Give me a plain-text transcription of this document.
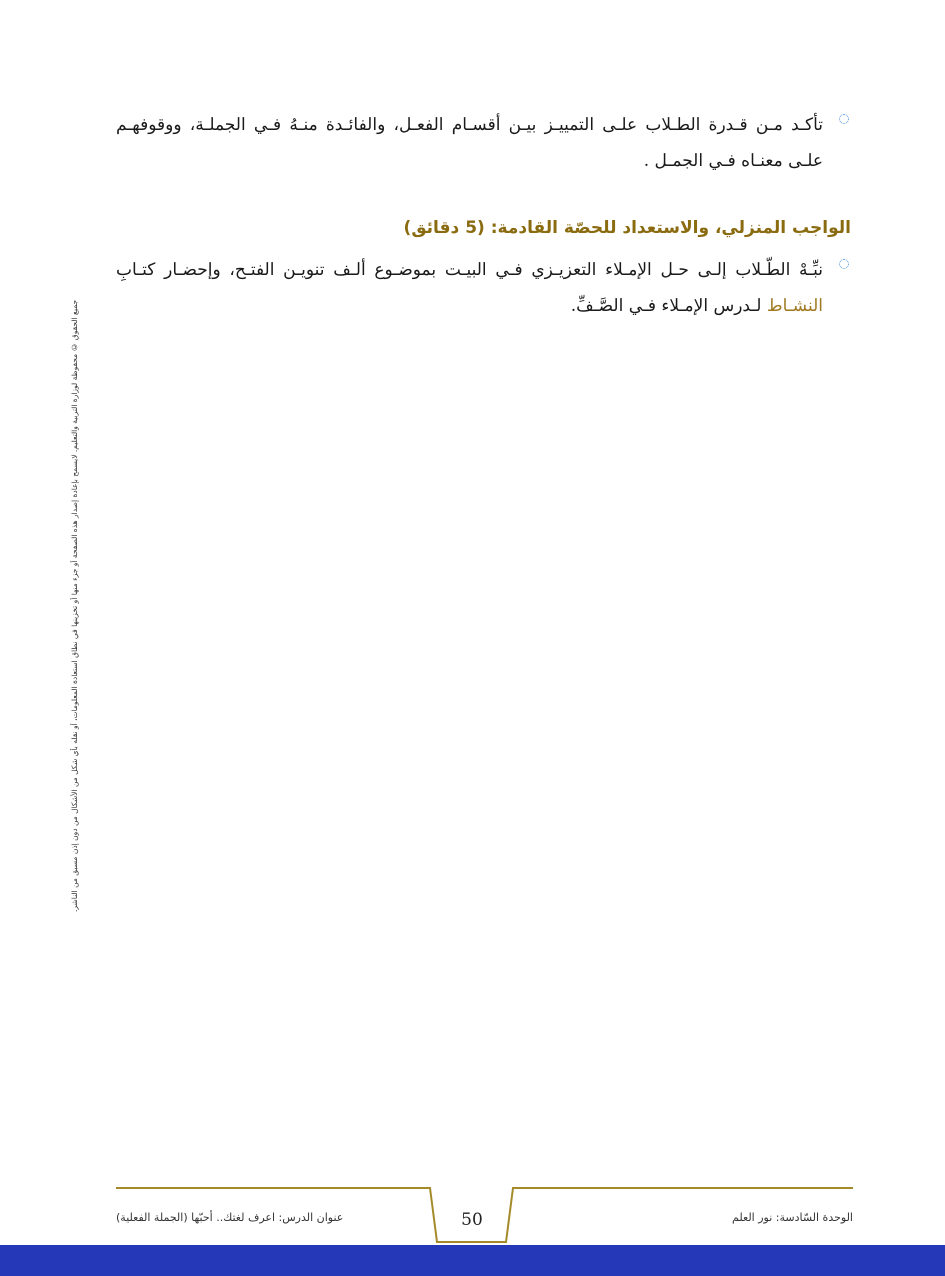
تأكـد مـن قـدرة الطـلاب علـى التمييـز بيـن أقسـام الفعـل، والفائـدة منـهُ فـي الجملـة، ووقوفهـم علـى معنـاه فـي الجمـل .

الواجب المنزلي، والاستعداد للحصّة القادمة: (5 دقائق)

نبِّـهْ الطّـلاب إلـى حـل الإمـلاء التعزيـزي فـي البيـت بموضـوع ألـف تنويـن الفتـح، وإحضـار كتـابِ النشـاط لـدرس الإمـلاء فـي الصَّـفِّ.

جميع الحقوق © محفوظة لوزارة التربية والتعليم. لايسمح بإعادة إصدار هذه الصفحة أو جزء منها أو تخزينها في نطاق استعادة المعلومات، أو نقله بأي شكل من الأشكال من دون إذن مسبق من الناشر.
الوحدة السّادسة: نور العلم
50
عنوان الدرس: اعرف لغتك.. أحبّها (الجملة الفعلية)
